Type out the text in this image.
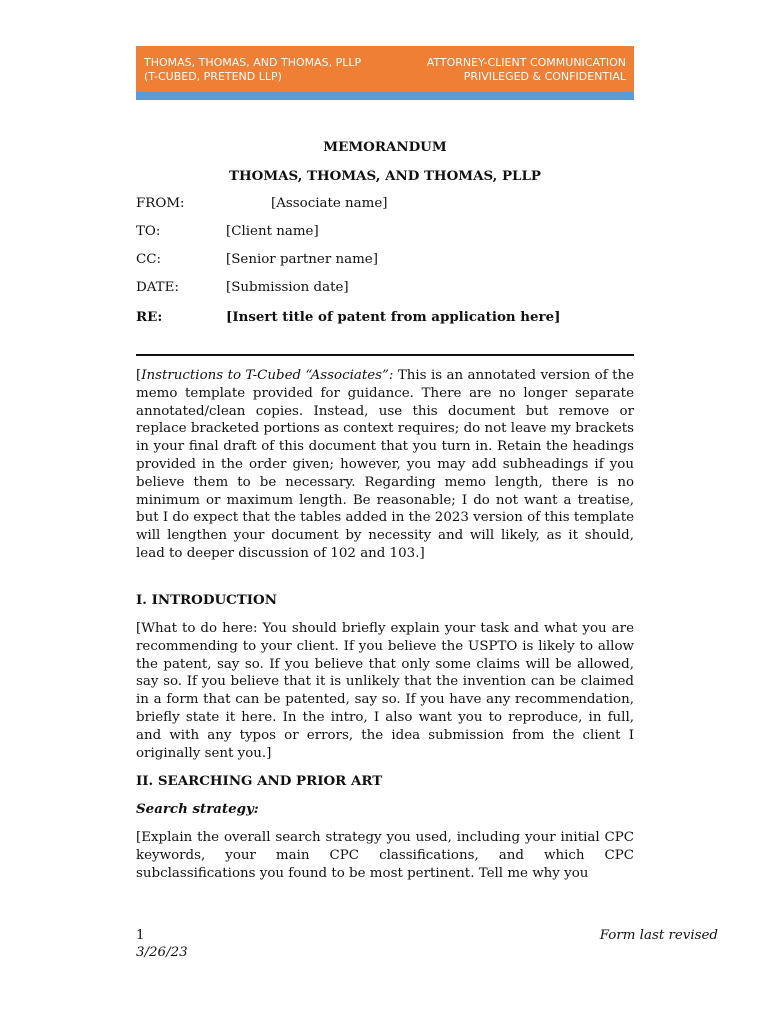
THOMAS, THOMAS, AND THOMAS, PLLP
(T-CUBED, PRETEND LLP)
ATTORNEY-CLIENT COMMUNICATION
PRIVILEGED & CONFIDENTIAL
MEMORANDUM
THOMAS, THOMAS, AND THOMAS, PLLP
FROM:	[Associate name]
TO:	[Client name]
CC:	[Senior partner name]
DATE:	[Submission date]
RE:	[Insert title of patent from application here]
[Instructions to T-Cubed “Associates”: This is an annotated version of the memo template provided for guidance. There are no longer separate annotated/clean copies. Instead, use this document but remove or replace bracketed portions as context requires; do not leave my brackets in your final draft of this document that you turn in. Retain the headings provided in the order given; however, you may add subheadings if you believe them to be necessary. Regarding memo length, there is no minimum or maximum length. Be reasonable; I do not want a treatise, but I do expect that the tables added in the 2023 version of this template will lengthen your document by necessity and will likely, as it should, lead to deeper discussion of 102 and 103.]
I. INTRODUCTION
[What to do here: You should briefly explain your task and what you are recommending to your client. If you believe the USPTO is likely to allow the patent, say so. If you believe that only some claims will be allowed, say so. If you believe that it is unlikely that the invention can be claimed in a form that can be patented, say so. If you have any recommendation, briefly state it here. In the intro, I also want you to reproduce, in full, and with any typos or errors, the idea submission from the client I originally sent you.]
II. SEARCHING AND PRIOR ART
Search strategy:
[Explain the overall search strategy you used, including your initial CPC keywords, your main CPC classifications, and which CPC subclassifications you found to be most pertinent. Tell me why you
1
3/26/23
Form last revised
